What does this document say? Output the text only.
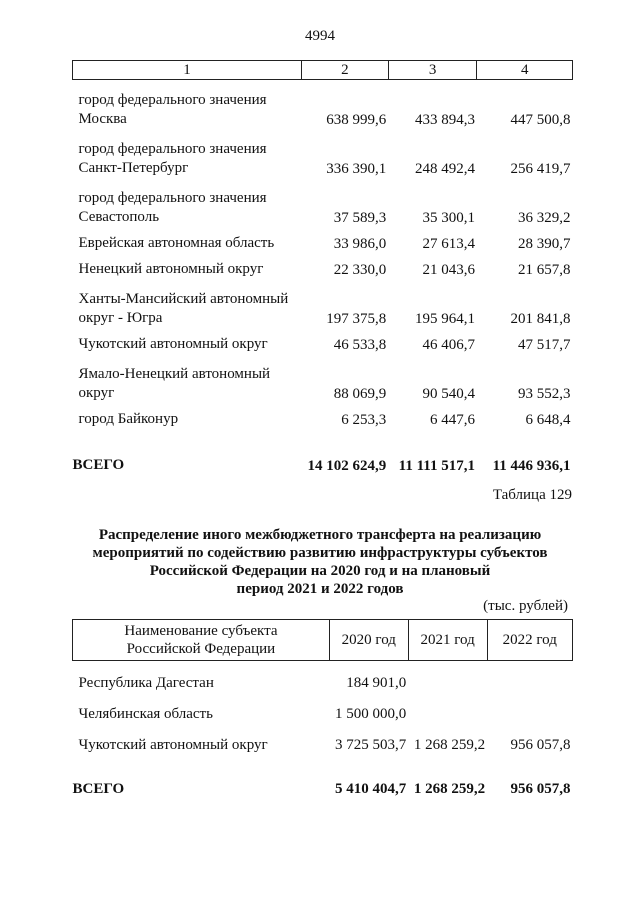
4994
1	2	3	4

город федерального значения
Москва	638 999,6	433 894,3	447 500,8

город федерального значения
Санкт-Петербург	336 390,1	248 492,4	256 419,7

город федерального значения
Севастополь	37 589,3	35 300,1	36 329,2

Еврейская автономная область	33 986,0	27 613,4	28 390,7

Ненецкий автономный округ	22 330,0	21 043,6	21 657,8

Ханты-Мансийский автономный
округ - Югра	197 375,8	195 964,1	201 841,8

Чукотский автономный округ	46 533,8	46 406,7	47 517,7

Ямало-Ненецкий автономный
округ	88 069,9	90 540,4	93 552,3

город Байконур	6 253,3	6 447,6	6 648,4
ВСЕГО	14 102 624,9	11 111 517,1	11 446 936,1
Таблица 129
Распределение иного межбюджетного трансферта на реализацию
мероприятий по содействию развитию инфраструктуры субъектов
Российской Федерации на 2020 год и на плановый
период 2021 и 2022 годов
(тыс. рублей)
Наименование субъекта
Российской Федерации	2020 год	2021 год	2022 год
Республика Дагестан	184 901,0		
Челябинская область	1 500 000,0		
Чукотский автономный округ	3 725 503,7	1 268 259,2	956 057,8
ВСЕГО	5 410 404,7	1 268 259,2	956 057,8
